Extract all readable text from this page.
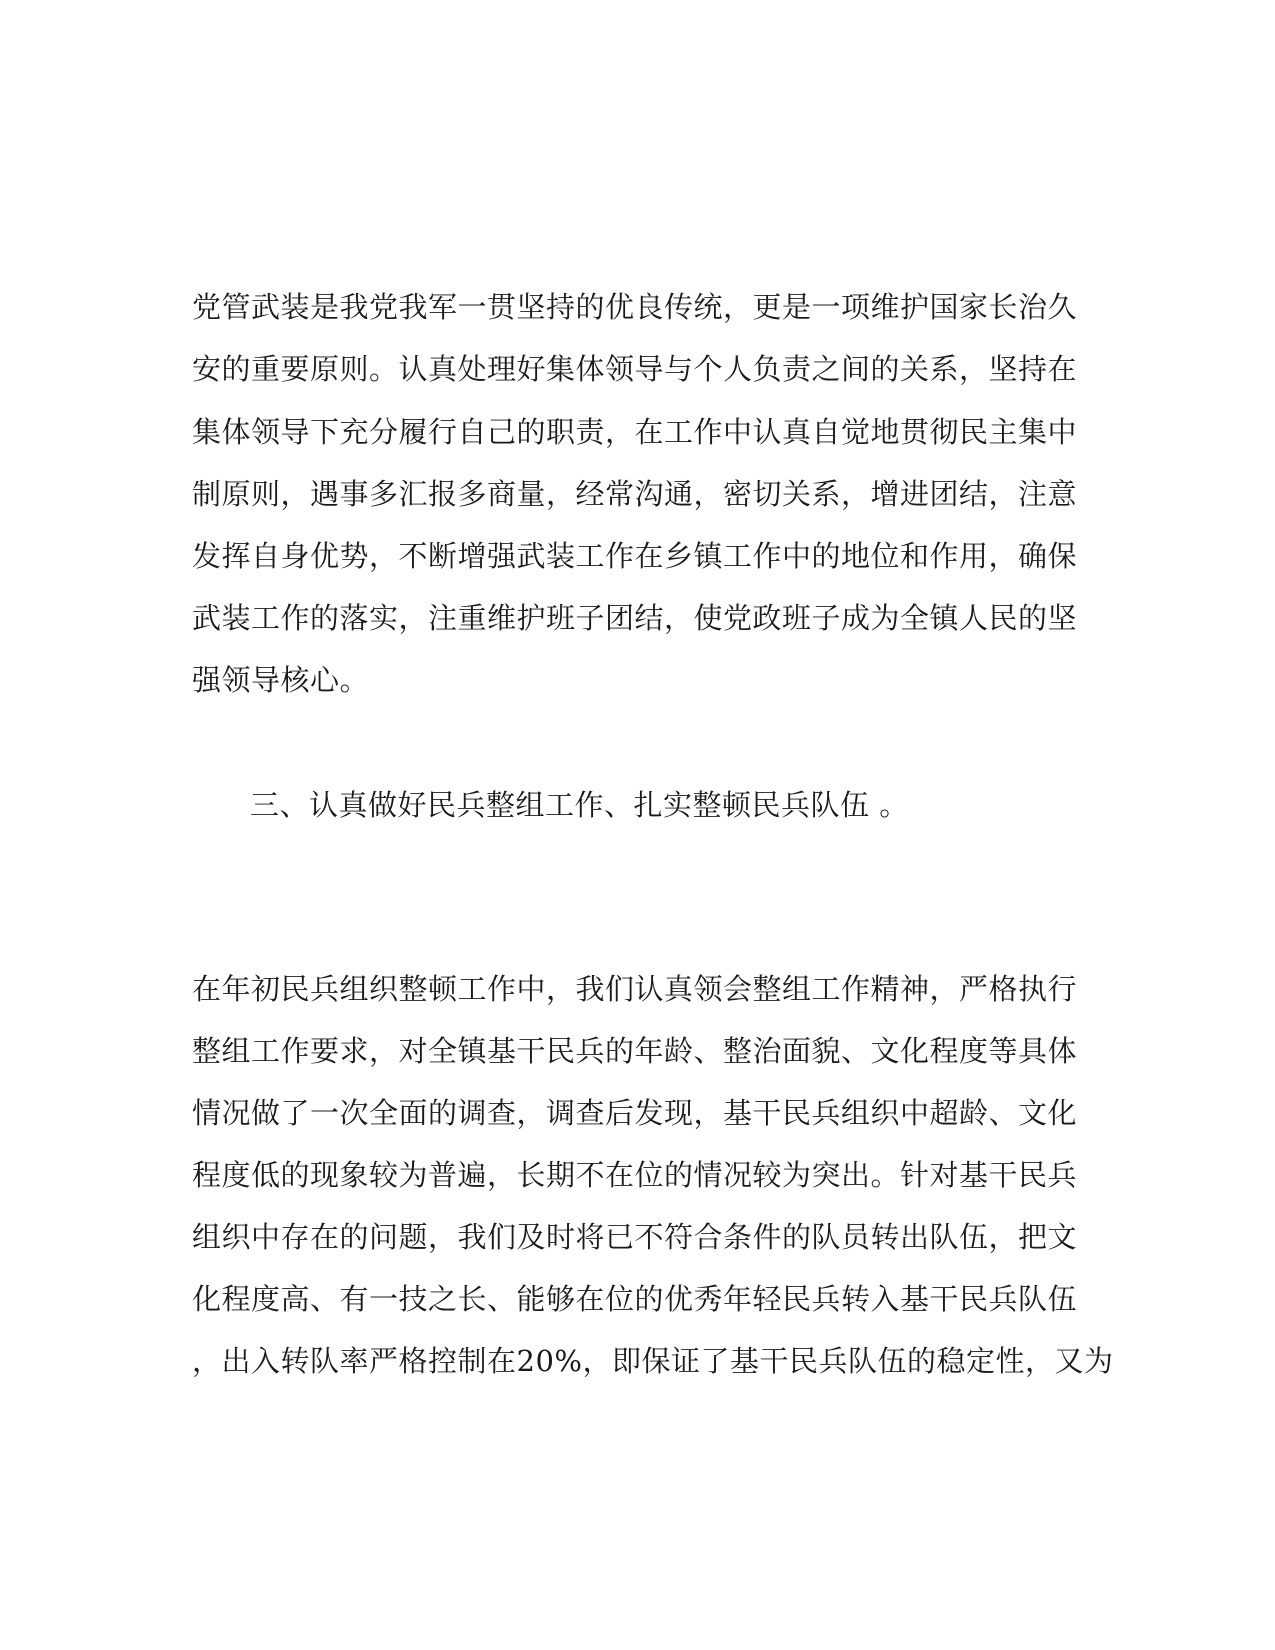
党管武装是我党我军一贯坚持的优良传统，更是一项维护国家长治久
安的重要原则。认真处理好集体领导与个人负责之间的关系，坚持在
集体领导下充分履行自己的职责，在工作中认真自觉地贯彻民主集中
制原则，遇事多汇报多商量，经常沟通，密切关系，增进团结，注意
发挥自身优势，不断增强武装工作在乡镇工作中的地位和作用，确保
武装工作的落实，注重维护班子团结，使党政班子成为全镇人民的坚
强领导核心。
三、认真做好民兵整组工作、扎实整顿民兵队伍 。
在年初民兵组织整顿工作中，我们认真领会整组工作精神，严格执行
整组工作要求，对全镇基干民兵的年龄、整治面貌、文化程度等具体
情况做了一次全面的调查，调查后发现，基干民兵组织中超龄、文化
程度低的现象较为普遍，长期不在位的情况较为突出。针对基干民兵
组织中存在的问题，我们及时将已不符合条件的队员转出队伍，把文
化程度高、有一技之长、能够在位的优秀年轻民兵转入基干民兵队伍
，出入转队率严格控制在20%，即保证了基干民兵队伍的稳定性，又为
